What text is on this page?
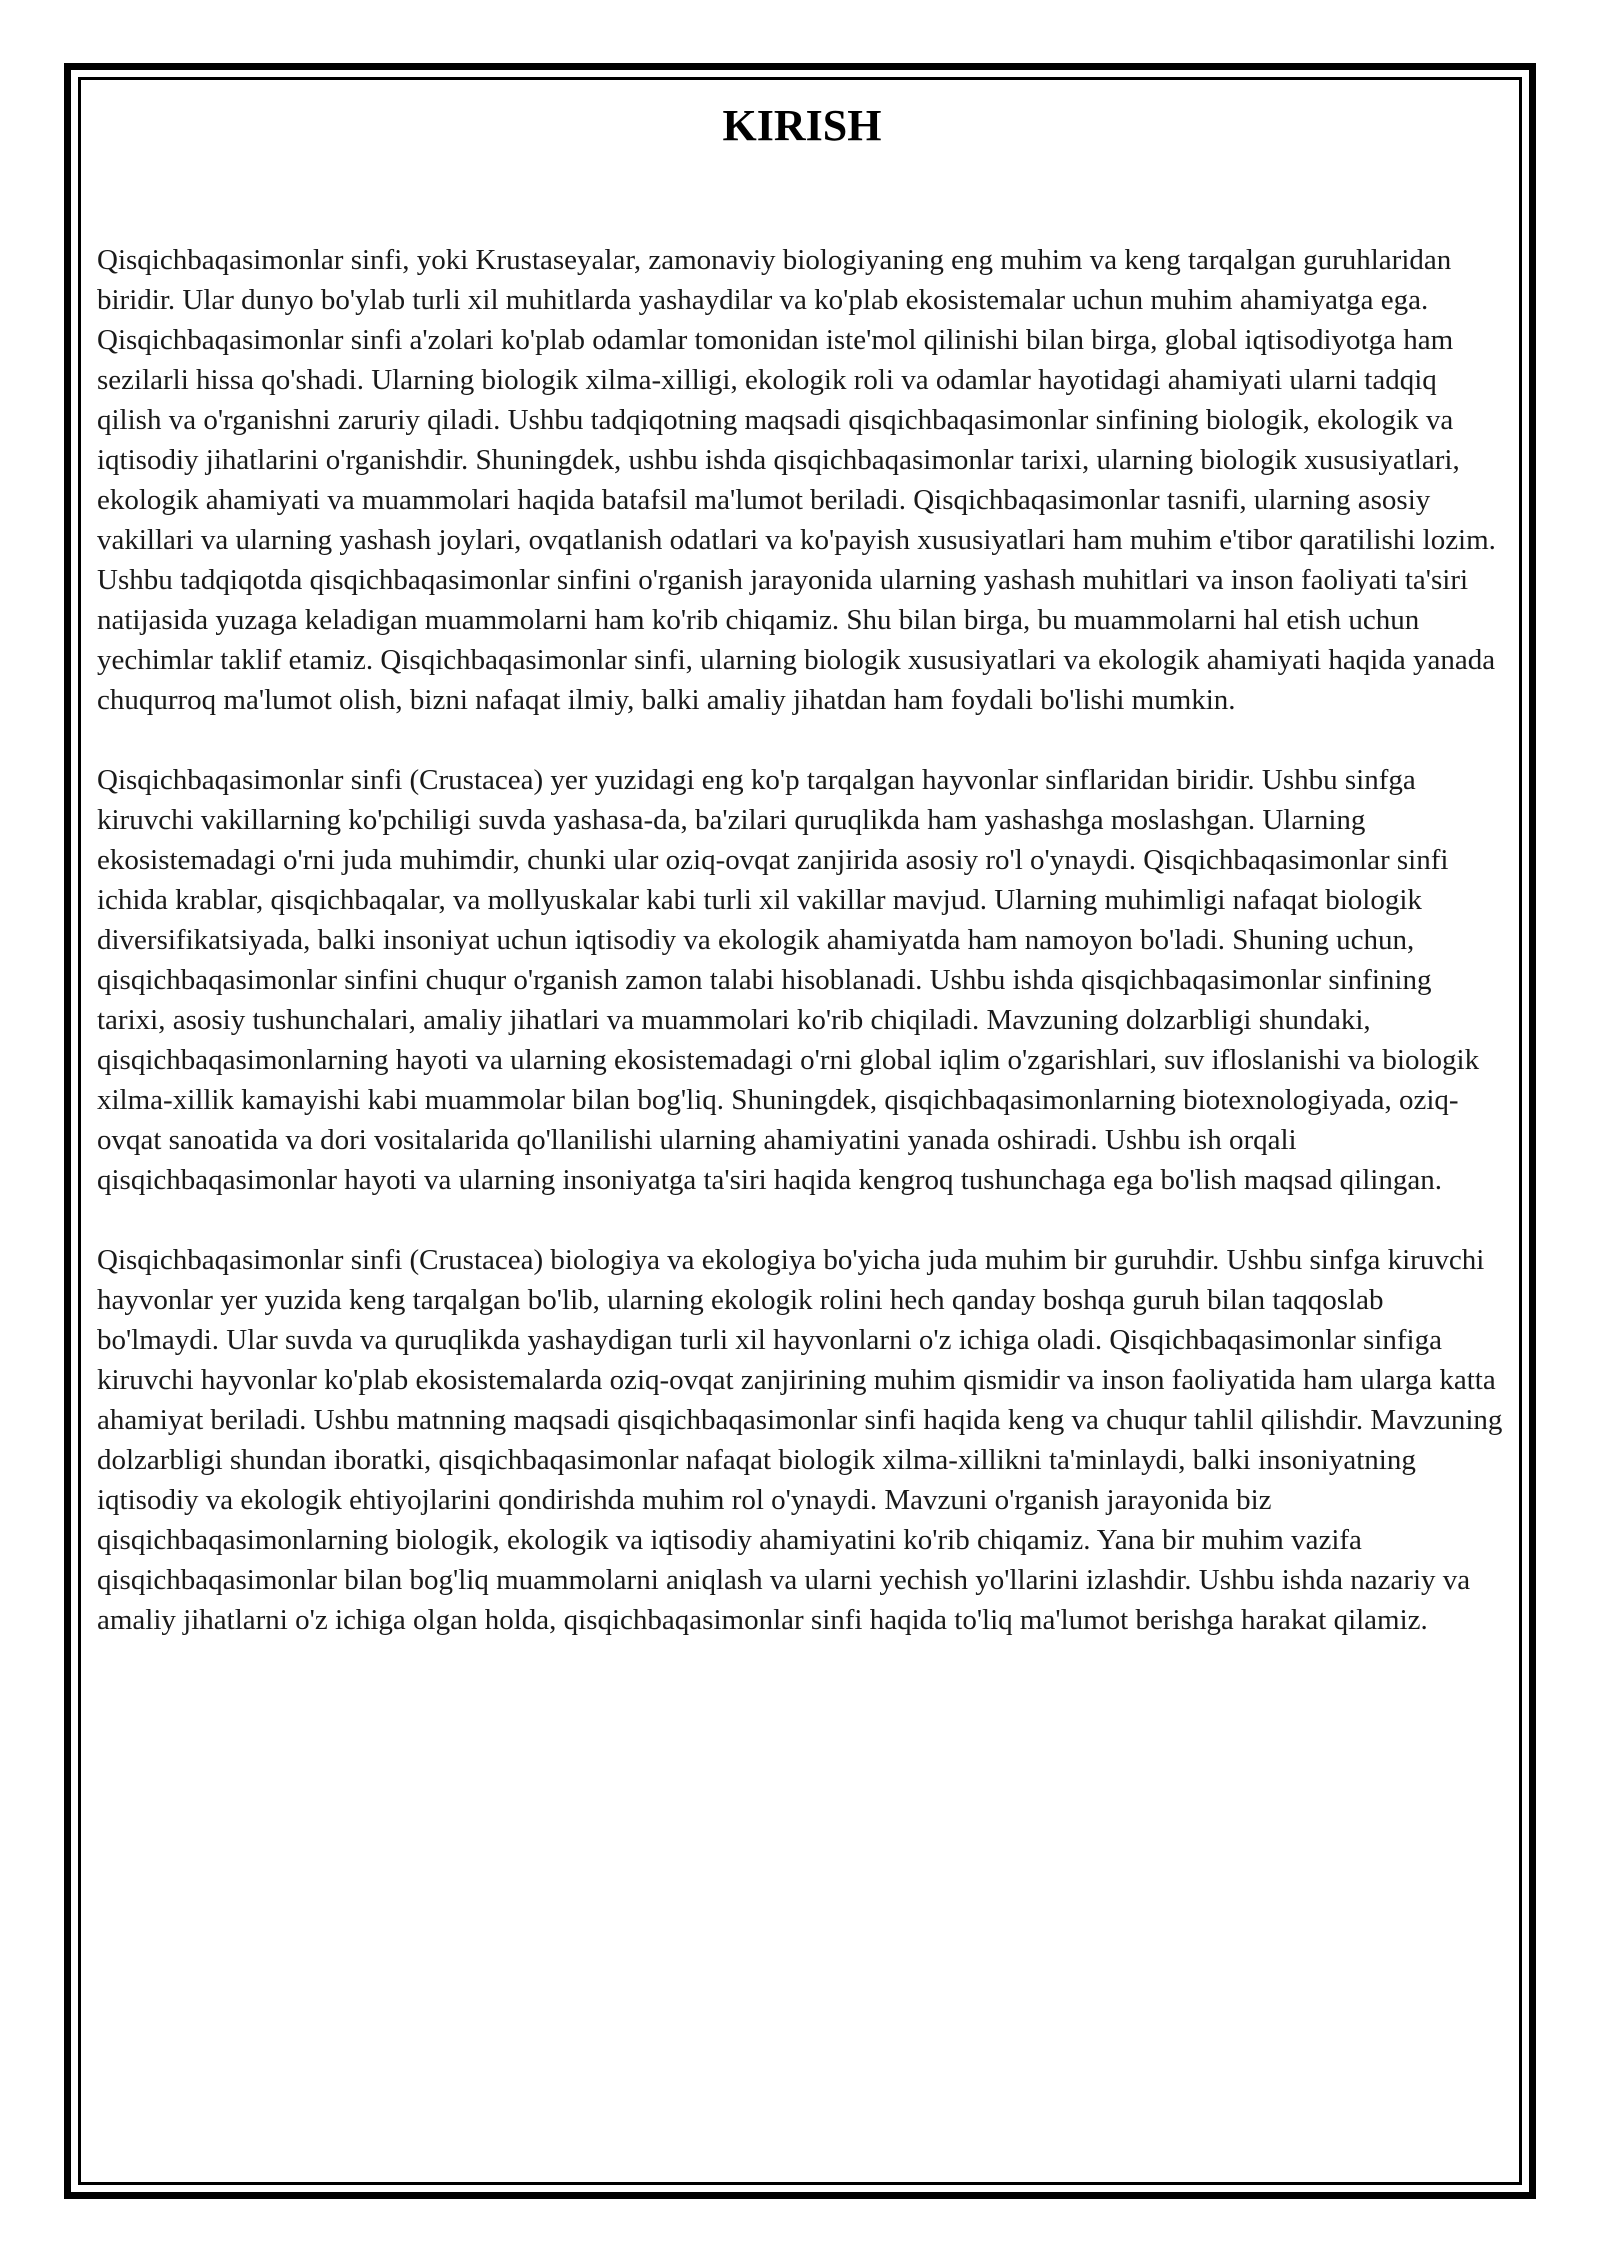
KIRISH

Qisqichbaqasimonlar sinfi, yoki Krustaseyalar, zamonaviy biologiyaning eng muhim va keng tarqalgan guruhlaridan biridir. Ular dunyo bo'ylab turli xil muhitlarda yashaydilar va ko'plab ekosistemalar uchun muhim ahamiyatga ega. Qisqichbaqasimonlar sinfi a'zolari ko'plab odamlar tomonidan iste'mol qilinishi bilan birga, global iqtisodiyotga ham sezilarli hissa qo'shadi. Ularning biologik xilma-xilligi, ekologik roli va odamlar hayotidagi ahamiyati ularni tadqiq qilish va o'rganishni zaruriy qiladi. Ushbu tadqiqotning maqsadi qisqichbaqasimonlar sinfining biologik, ekologik va iqtisodiy jihatlarini o'rganishdir. Shuningdek, ushbu ishda qisqichbaqasimonlar tarixi, ularning biologik xususiyatlari, ekologik ahamiyati va muammolari haqida batafsil ma'lumot beriladi. Qisqichbaqasimonlar tasnifi, ularning asosiy vakillari va ularning yashash joylari, ovqatlanish odatlari va ko'payish xususiyatlari ham muhim e'tibor qaratilishi lozim. Ushbu tadqiqotda qisqichbaqasimonlar sinfini o'rganish jarayonida ularning yashash muhitlari va inson faoliyati ta'siri natijasida yuzaga keladigan muammolarni ham ko'rib chiqamiz. Shu bilan birga, bu muammolarni hal etish uchun yechimlar taklif etamiz. Qisqichbaqasimonlar sinfi, ularning biologik xususiyatlari va ekologik ahamiyati haqida yanada chuqurroq ma'lumot olish, bizni nafaqat ilmiy, balki amaliy jihatdan ham foydali bo'lishi mumkin.

Qisqichbaqasimonlar sinfi (Crustacea) yer yuzidagi eng ko'p tarqalgan hayvonlar sinflaridan biridir. Ushbu sinfga kiruvchi vakillarning ko'pchiligi suvda yashasa-da, ba'zilari quruqlikda ham yashashga moslashgan. Ularning ekosistemadagi o'rni juda muhimdir, chunki ular oziq-ovqat zanjirida asosiy ro'l o'ynaydi. Qisqichbaqasimonlar sinfi ichida krablar, qisqichbaqalar, va mollyuskalar kabi turli xil vakillar mavjud. Ularning muhimligi nafaqat biologik diversifikatsiyada, balki insoniyat uchun iqtisodiy va ekologik ahamiyatda ham namoyon bo'ladi. Shuning uchun, qisqichbaqasimonlar sinfini chuqur o'rganish zamon talabi hisoblanadi. Ushbu ishda qisqichbaqasimonlar sinfining tarixi, asosiy tushunchalari, amaliy jihatlari va muammolari ko'rib chiqiladi. Mavzuning dolzarbligi shundaki, qisqichbaqasimonlarning hayoti va ularning ekosistemadagi o'rni global iqlim o'zgarishlari, suv ifloslanishi va biologik xilma-xillik kamayishi kabi muammolar bilan bog'liq. Shuningdek, qisqichbaqasimonlarning biotexnologiyada, oziq-ovqat sanoatida va dori vositalarida qo'llanilishi ularning ahamiyatini yanada oshiradi. Ushbu ish orqali qisqichbaqasimonlar hayoti va ularning insoniyatga ta'siri haqida kengroq tushunchaga ega bo'lish maqsad qilingan.

Qisqichbaqasimonlar sinfi (Crustacea) biologiya va ekologiya bo'yicha juda muhim bir guruhdir. Ushbu sinfga kiruvchi hayvonlar yer yuzida keng tarqalgan bo'lib, ularning ekologik rolini hech qanday boshqa guruh bilan taqqoslab bo'lmaydi. Ular suvda va quruqlikda yashaydigan turli xil hayvonlarni o'z ichiga oladi. Qisqichbaqasimonlar sinfiga kiruvchi hayvonlar ko'plab ekosistemalarda oziq-ovqat zanjirining muhim qismidir va inson faoliyatida ham ularga katta ahamiyat beriladi. Ushbu matnning maqsadi qisqichbaqasimonlar sinfi haqida keng va chuqur tahlil qilishdir. Mavzuning dolzarbligi shundan iboratki, qisqichbaqasimonlar nafaqat biologik xilma-xillikni ta'minlaydi, balki insoniyatning iqtisodiy va ekologik ehtiyojlarini qondirishda muhim rol o'ynaydi. Mavzuni o'rganish jarayonida biz qisqichbaqasimonlarning biologik, ekologik va iqtisodiy ahamiyatini ko'rib chiqamiz. Yana bir muhim vazifa qisqichbaqasimonlar bilan bog'liq muammolarni aniqlash va ularni yechish yo'llarini izlashdir. Ushbu ishda nazariy va amaliy jihatlarni o'z ichiga olgan holda, qisqichbaqasimonlar sinfi haqida to'liq ma'lumot berishga harakat qilamiz.
